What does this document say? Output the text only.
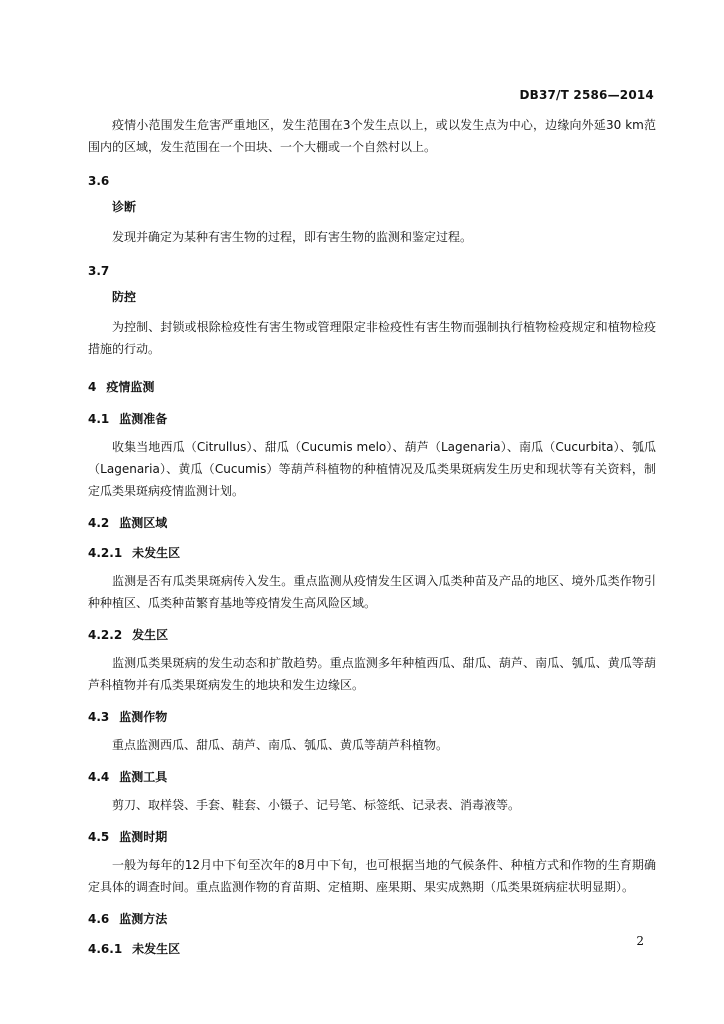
DB37/T 2586—2014

疫情小范围发生危害严重地区，发生范围在3个发生点以上，或以发生点为中心，边缘向外延30 km范围内的区域，发生范围在一个田块、一个大棚或一个自然村以上。

3.6
诊断

发现并确定为某种有害生物的过程，即有害生物的监测和鉴定过程。

3.7
防控

为控制、封锁或根除检疫性有害生物或管理限定非检疫性有害生物而强制执行植物检疫规定和植物检疫措施的行动。

4 疫情监测
4.1 监测准备

收集当地西瓜（Citrullus）、甜瓜（Cucumis melo）、葫芦（Lagenaria）、南瓜（Cucurbita）、瓠瓜（Lagenaria）、黄瓜（Cucumis）等葫芦科植物的种植情况及瓜类果斑病发生历史和现状等有关资料，制定瓜类果斑病疫情监测计划。

4.2 监测区域
4.2.1 未发生区

监测是否有瓜类果斑病传入发生。重点监测从疫情发生区调入瓜类种苗及产品的地区、境外瓜类作物引种种植区、瓜类种苗繁育基地等疫情发生高风险区域。

4.2.2 发生区

监测瓜类果斑病的发生动态和扩散趋势。重点监测多年种植西瓜、甜瓜、葫芦、南瓜、瓠瓜、黄瓜等葫芦科植物并有瓜类果斑病发生的地块和发生边缘区。

4.3 监测作物

重点监测西瓜、甜瓜、葫芦、南瓜、瓠瓜、黄瓜等葫芦科植物。

4.4 监测工具

剪刀、取样袋、手套、鞋套、小镊子、记号笔、标签纸、记录表、消毒液等。

4.5 监测时期

一般为每年的12月中下旬至次年的8月中下旬，也可根据当地的气候条件、种植方式和作物的生育期确定具体的调查时间。重点监测作物的育苗期、定植期、座果期、果实成熟期（瓜类果斑病症状明显期）。

4.6 监测方法
4.6.1 未发生区
2
